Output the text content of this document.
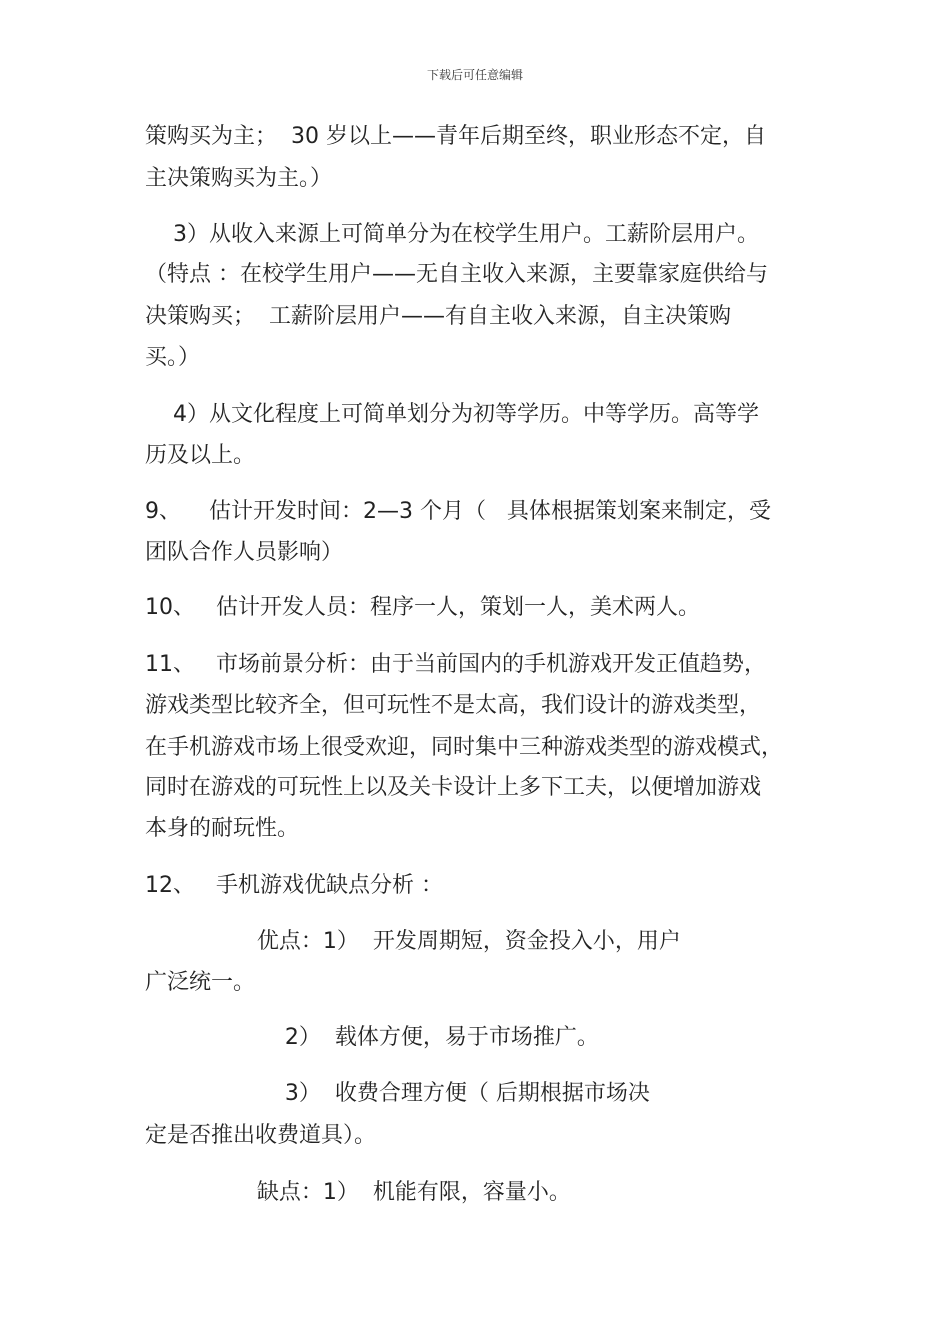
下载后可任意编辑
策购买为主；  30 岁以上——青年后期至终，职业形态不定，自
主决策购买为主。）
3）从收入来源上可简单分为在校学生用户。工薪阶层用户。
（特点 ：在校学生用户——无自主收入来源，主要靠家庭供给与
决策购买；  工薪阶层用户——有自主收入来源，自主决策购
买。）
4）从文化程度上可简单划分为初等学历。中等学历。高等学
历及以上。
9、    估计开发时间：2—3 个月（   具体根据策划案来制定，受
团队合作人员影响）
10、   估计开发人员：程序一人，策划一人，美术两人。
11、   市场前景分析：由于当前国内的手机游戏开发正值趋势，
游戏类型比较齐全，但可玩性不是太高，我们设计的游戏类型，
在手机游戏市场上很受欢迎，同时集中三种游戏类型的游戏模式，
同时在游戏的可玩性上以及关卡设计上多下工夫，以便增加游戏
本身的耐玩性。
12、   手机游戏优缺点分析 ：
优点：1）  开发周期短，资金投入小，用户
广泛统一。
2）  载体方便，易于市场推广。
3）  收费合理方便（ 后期根据市场决
定是否推出收费道具）。
缺点：1）  机能有限，容量小。
